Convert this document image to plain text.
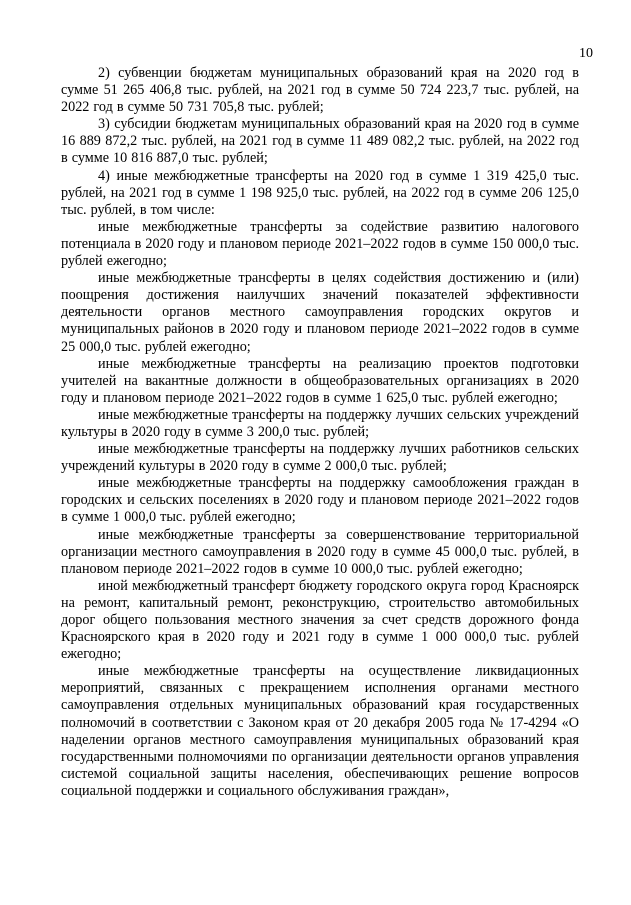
10

2) субвенции бюджетам муниципальных образований края на 2020 год в сумме 51 265 406,8 тыс. рублей, на 2021 год в сумме 50 724 223,7 тыс. рублей, на 2022 год в сумме 50 731 705,8 тыс. рублей;

3) субсидии бюджетам муниципальных образований края на 2020 год в сумме 16 889 872,2 тыс. рублей, на 2021 год в сумме 11 489 082,2 тыс. рублей, на 2022 год в сумме 10 816 887,0 тыс. рублей;

4) иные межбюджетные трансферты на 2020 год в сумме 1 319 425,0 тыс. рублей, на 2021 год в сумме 1 198 925,0 тыс. рублей, на 2022 год в сумме 206 125,0 тыс. рублей, в том числе:

иные межбюджетные трансферты за содействие развитию налогового потенциала в 2020 году и плановом периоде 2021–2022 годов в сумме 150 000,0 тыс. рублей ежегодно;

иные межбюджетные трансферты в целях содействия достижению и (или) поощрения достижения наилучших значений показателей эффективности деятельности органов местного самоуправления городских округов и муниципальных районов в 2020 году и плановом периоде 2021–2022 годов в сумме 25 000,0 тыс. рублей ежегодно;

иные межбюджетные трансферты на реализацию проектов подготовки учителей на вакантные должности в общеобразовательных организациях в 2020 году и плановом периоде 2021–2022 годов в сумме 1 625,0 тыс. рублей ежегодно;

иные межбюджетные трансферты на поддержку лучших сельских учреждений культуры в 2020 году в сумме 3 200,0 тыс. рублей;

иные межбюджетные трансферты на поддержку лучших работников сельских учреждений культуры в 2020 году в сумме 2 000,0 тыс. рублей;

иные межбюджетные трансферты на поддержку самообложения граждан в городских и сельских поселениях в 2020 году и плановом периоде 2021–2022 годов в сумме 1 000,0 тыс. рублей ежегодно;

иные межбюджетные трансферты за совершенствование территориальной организации местного самоуправления в 2020 году в сумме 45 000,0 тыс. рублей, в плановом периоде 2021–2022 годов в сумме 10 000,0 тыс. рублей ежегодно;

иной межбюджетный трансферт бюджету городского округа город Красноярск на ремонт, капитальный ремонт, реконструкцию, строительство автомобильных дорог общего пользования местного значения за счет средств дорожного фонда Красноярского края в 2020 году и 2021 году в сумме 1 000 000,0 тыс. рублей ежегодно;

иные межбюджетные трансферты на осуществление ликвидационных мероприятий, связанных с прекращением исполнения органами местного самоуправления отдельных муниципальных образований края государственных полномочий в соответствии с Законом края от 20 декабря 2005 года № 17-4294 «О наделении органов местного самоуправления муниципальных образований края государственными полномочиями по организации деятельности органов управления системой социальной защиты населения, обеспечивающих решение вопросов социальной поддержки и социального обслуживания граждан»,
